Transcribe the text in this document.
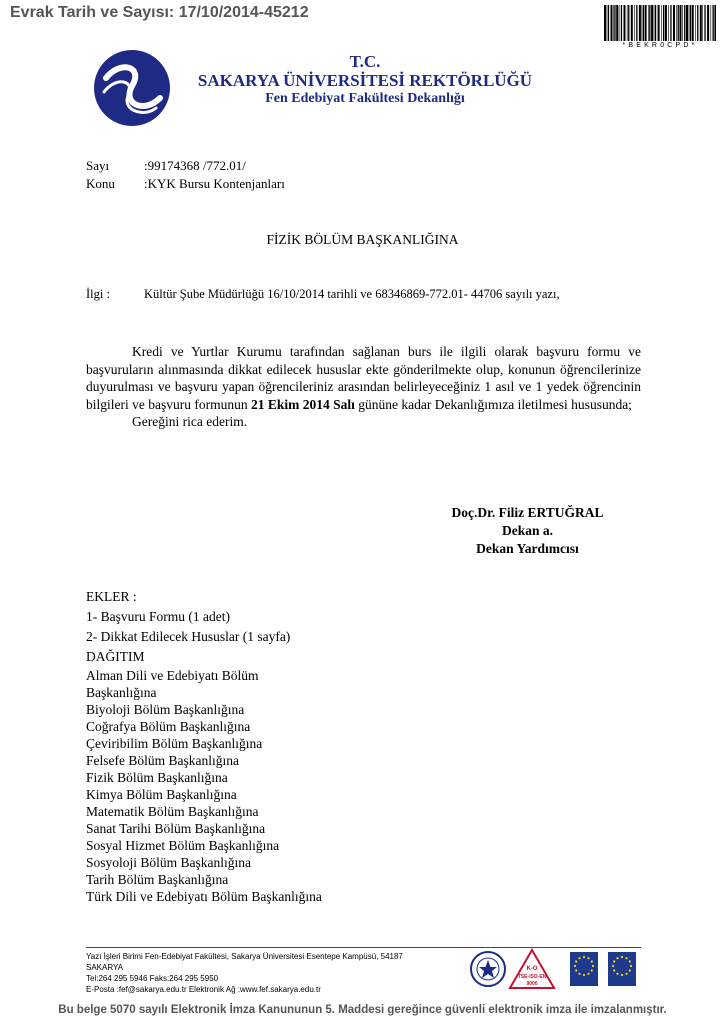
Evrak Tarih ve Sayısı: 17/10/2014-45212
*BEKR0CPD*
T.C.
SAKARYA ÜNİVERSİTESİ REKTÖRLÜĞÜ
Fen Edebiyat Fakültesi Dekanlığı
Sayı	:99174368 /772.01/
Konu :KYK Bursu Kontenjanları
FİZİK BÖLÜM BAŞKANLIĞINA
İlgi :	Kültür Şube Müdürlüğü 16/10/2014 tarihli ve 68346869-772.01- 44706 sayılı yazı,

Kredi ve Yurtlar Kurumu tarafından sağlanan burs ile ilgili olarak başvuru formu ve başvuruların alınmasında dikkat edilecek hususlar ekte gönderilmekte olup, konunun öğrencilerinize duyurulması ve başvuru yapan öğrencileriniz arasından belirleyeceğiniz 1 asıl ve 1 yedek öğrencinin bilgileri ve başvuru formunun 21 Ekim 2014 Salı gününe kadar Dekanlığımıza iletilmesi hususunda;

Gereğini rica ederim.

Doç.Dr. Filiz ERTUĞRAL
Dekan a.
Dekan Yardımcısı
EKLER :
1- Başvuru Formu (1 adet)
2- Dikkat Edilecek Hususlar (1 sayfa)
DAĞITIM
Alman Dili ve Edebiyatı Bölüm
Başkanlığına
Biyoloji Bölüm Başkanlığına
Coğrafya Bölüm Başkanlığına
Çeviribilim Bölüm Başkanlığına
Felsefe Bölüm Başkanlığına
Fizik Bölüm Başkanlığına
Kimya Bölüm Başkanlığına
Matematik Bölüm Başkanlığına
Sanat Tarihi Bölüm Başkanlığına
Sosyal Hizmet Bölüm Başkanlığına
Sosyoloji Bölüm Başkanlığına
Tarih Bölüm Başkanlığına
Türk Dili ve Edebiyatı Bölüm Başkanlığına
Yazı İşleri Birimi Fen-Edebiyat Fakültesi, Sakarya Üniversitesi Esentepe Kampüsü, 54187
SAKARYA
Tel:264 295 5946 Faks:264 295 5950
E-Posta :fef@sakarya.edu.tr Elektronik Ağ :www.fef.sakarya.edu.tr
K-O
TSE-ISO-EN
9000
Bu belge 5070 sayılı Elektronik İmza Kanununun 5. Maddesi gereğince güvenli elektronik imza ile imzalanmıştır.
